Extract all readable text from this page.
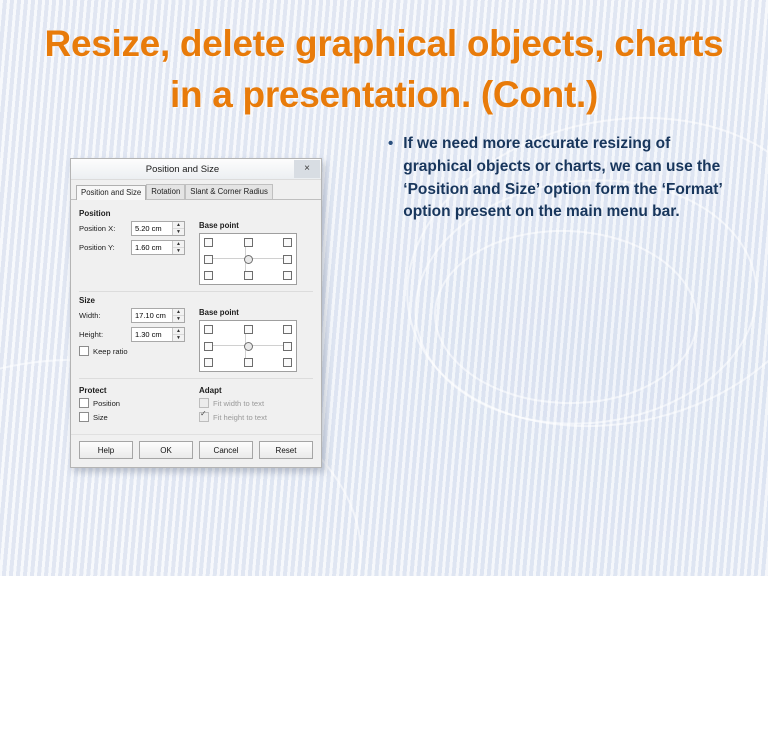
Resize, delete graphical objects, charts in a presentation. (Cont.)
• If we need more accurate resizing of graphical objects or charts, we can use the ‘Position and Size’ option form the ‘Format’ option present on the main menu bar.
Position and Size	×
Position and Size	Rotation	Slant & Corner Radius
Position
Position X:	5.20 cm	▲
▼
Position Y:	1.60 cm	▲
▼
Base point
Size
Width:	17.10 cm	▲
▼
Height:	1.30 cm	▲
▼
Keep ratio
Base point
Protect
Position
Size
Adapt
Fit width to text
✓
Fit height to text
Help	OK	Cancel	Reset
